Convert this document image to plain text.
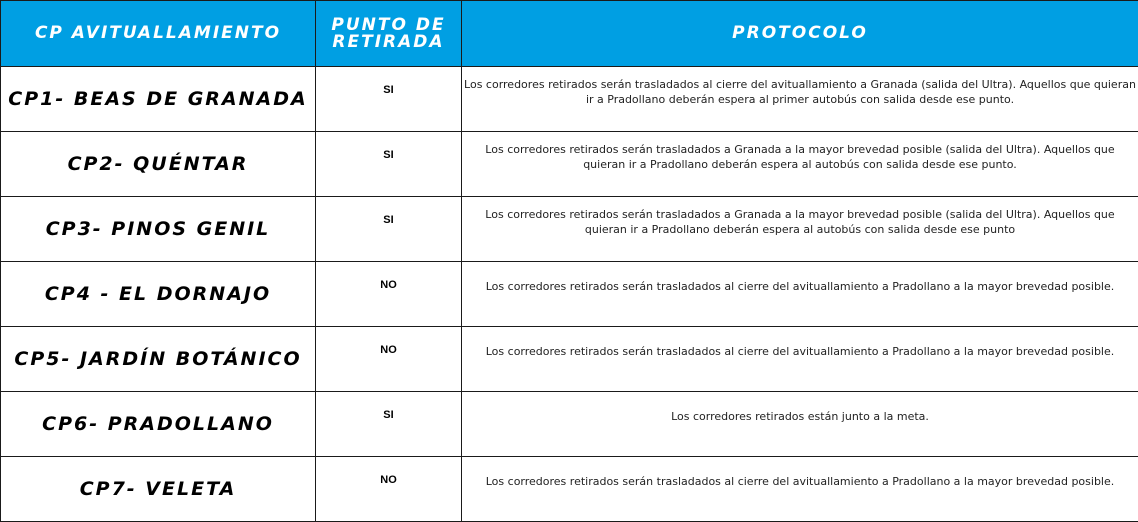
CP AVITUALLAMIENTO	PUNTO DE RETIRADA	PROTOCOLO
CP1- BEAS DE GRANADA	SI	Los corredores retirados serán trasladados al cierre del avituallamiento a Granada (salida del Ultra). Aquellos que quieran ir a Pradollano deberán espera al primer autobús con salida desde ese punto.
CP2- QUÉNTAR	SI	Los corredores retirados serán trasladados a Granada a la mayor brevedad posible (salida del Ultra). Aquellos que quieran ir a Pradollano deberán espera al autobús con salida desde ese punto.
CP3- PINOS GENIL	SI	Los corredores retirados serán trasladados a Granada a la mayor brevedad posible (salida del Ultra). Aquellos que quieran ir a Pradollano deberán espera al autobús con salida desde ese punto
CP4 - EL DORNAJO	NO	Los corredores retirados serán trasladados al cierre del avituallamiento a Pradollano a la mayor brevedad posible.
CP5- JARDÍN BOTÁNICO	NO	Los corredores retirados serán trasladados al cierre del avituallamiento a Pradollano a la mayor brevedad posible.
CP6- PRADOLLANO	SI	Los corredores retirados están junto a la meta.
CP7- VELETA	NO	Los corredores retirados serán trasladados al cierre del avituallamiento a Pradollano a la mayor brevedad posible.
